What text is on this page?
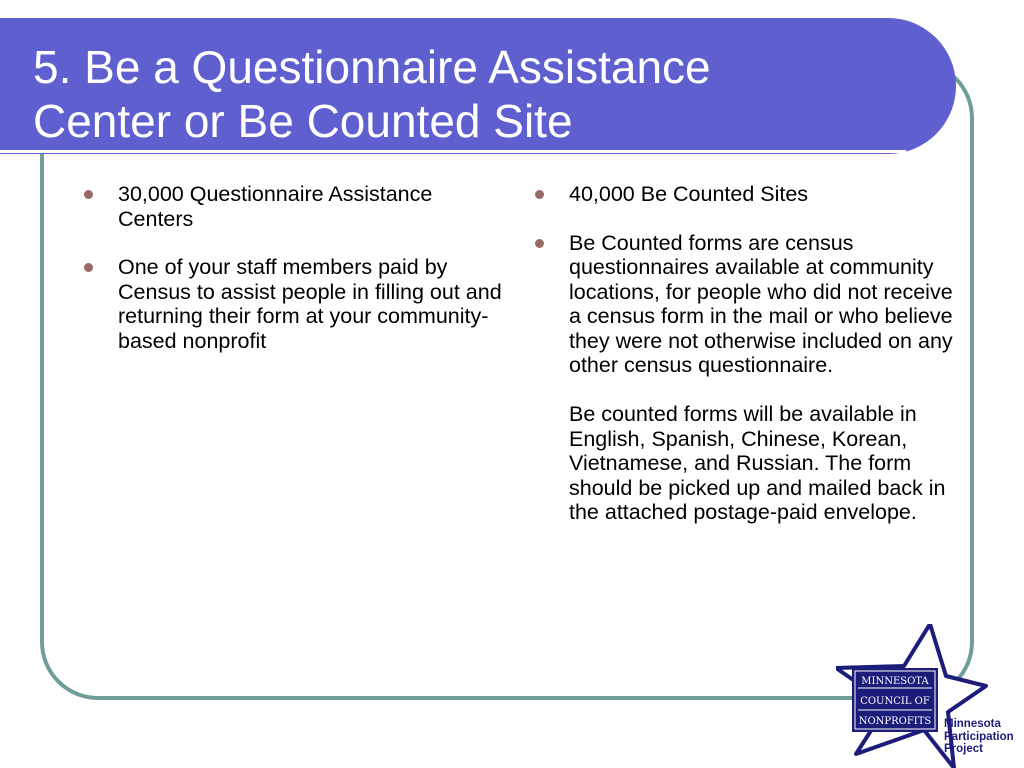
5. Be a Questionnaire Assistance
Center or Be Counted Site
30,000 Questionnaire Assistance Centers
One of your staff members paid by Census to assist people in filling out and returning their form at your community-based nonprofit
40,000 Be Counted Sites
Be Counted forms are census questionnaires available at community locations, for people who did not receive a census form in the mail or who believe they were not otherwise included on any other census questionnaire.
Be counted forms will be available in English, Spanish, Chinese, Korean, Vietnamese, and Russian. The form should be picked up and mailed back in the attached postage-paid envelope.
MINNESOTA
COUNCIL OF
NONPROFITS Minnesota
Participation
Project
